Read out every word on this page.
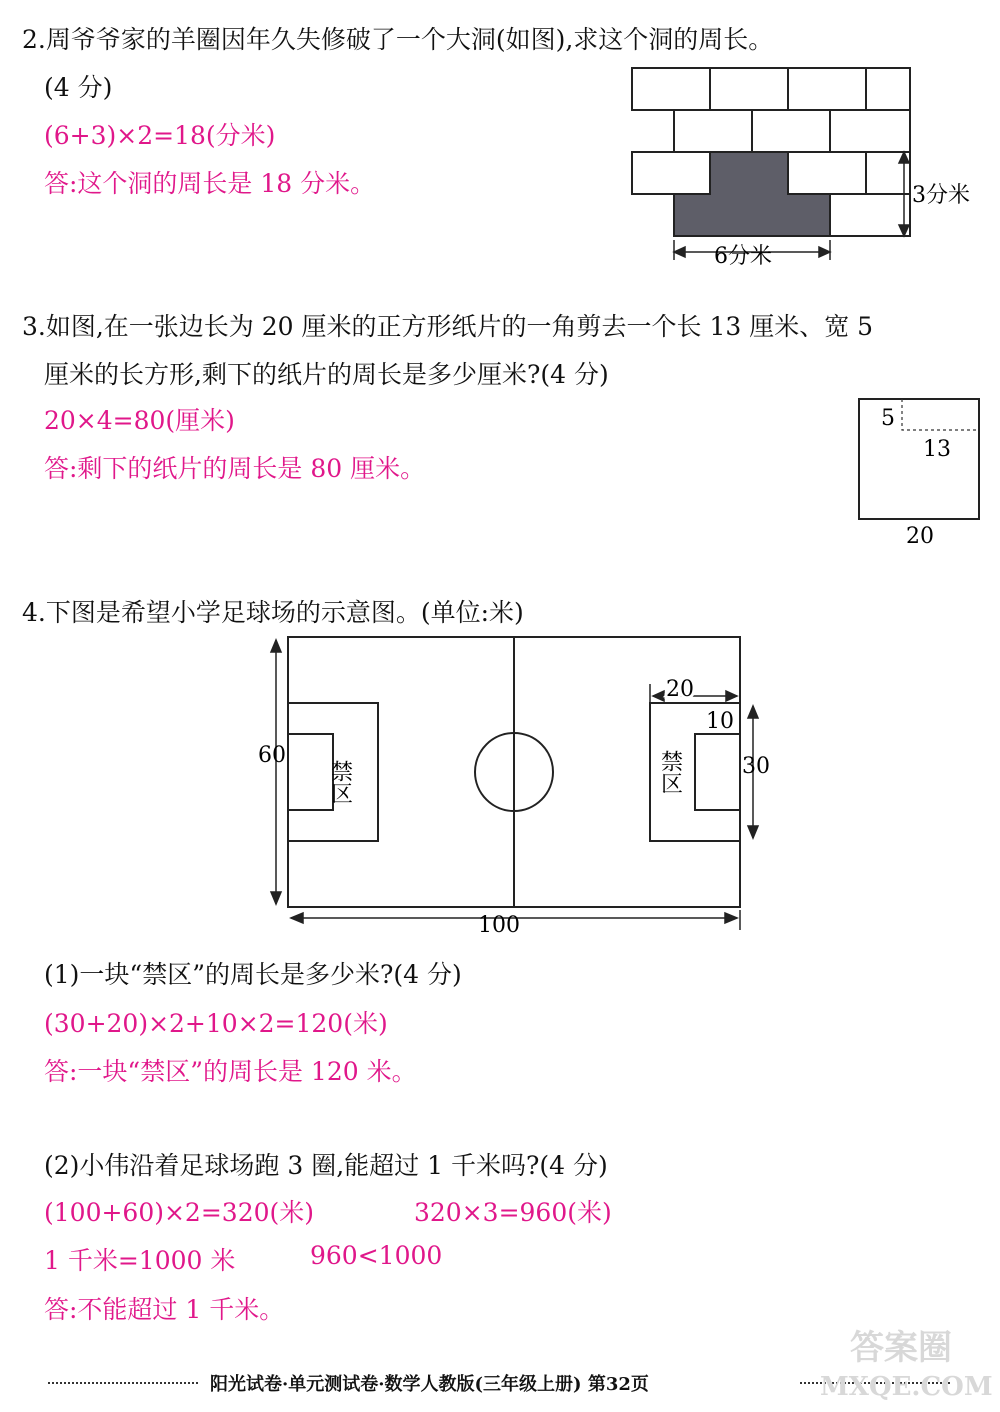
2.周爷爷家的羊圈因年久失修破了一个大洞(如图),求这个洞的周长。
(4 分)
(6+3)×2=18(分米)
答:这个洞的周长是 18 分米。	3分米
6分米
3.如图,在一张边长为 20 厘米的正方形纸片的一角剪去一个长 13 厘米、宽 5
厘米的长方形,剩下的纸片的周长是多少厘米?(4 分)
20×4=80(厘米)
答:剩下的纸片的周长是 80 厘米。
5
13
20
4.下图是希望小学足球场的示意图。(单位:米)
60
100
20
10
30
禁区	禁区
(1)一块“禁区”的周长是多少米?(4 分)
(30+20)×2+10×2=120(米)
答:一块“禁区”的周长是 120 米。
(2)小伟沿着足球场跑 3 圈,能超过 1 千米吗?(4 分)
(100+60)×2=320(米)	320×3=960(米)
1 千米=1000 米	960<1000
答:不能超过 1 千米。
阳光试卷·单元测试卷·数学人教版(三年级上册) 第32页
答案圈
MXQE.COM
